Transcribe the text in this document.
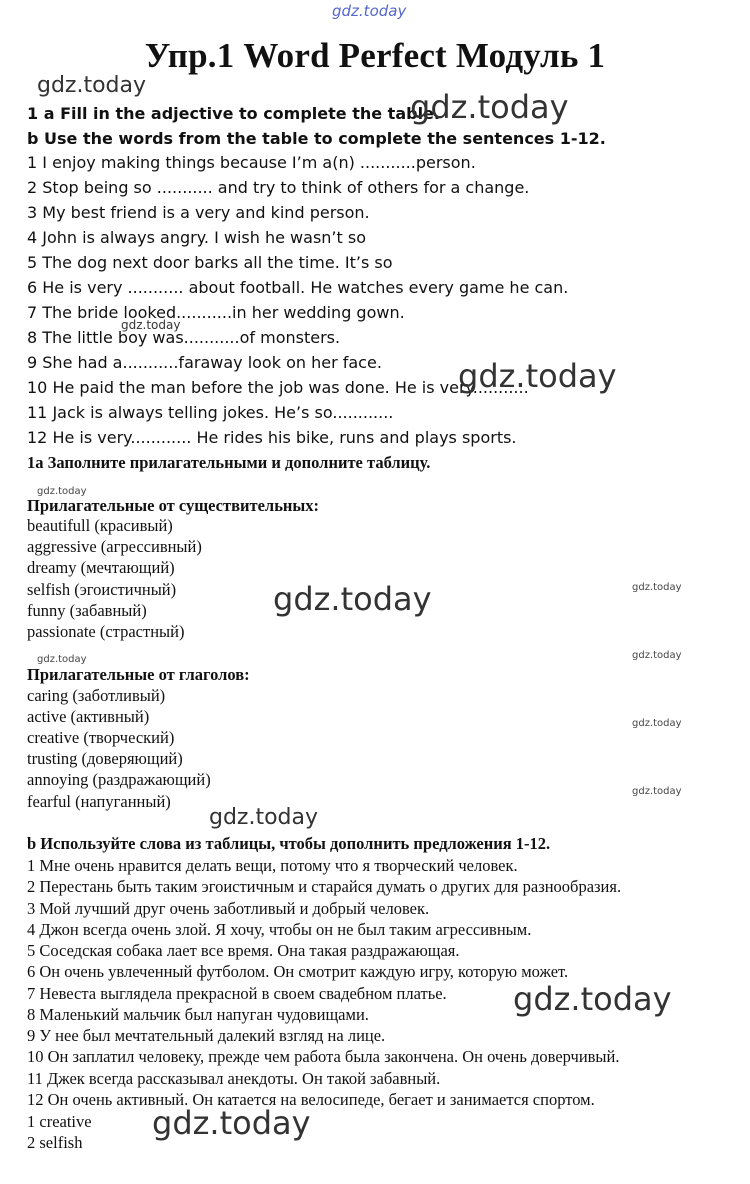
Упр.1 Word Perfect Модуль 1
1 a Fill in the adjective to complete the table.
b Use the words from the table to complete the sentences 1-12.
1 I enjoy making things because I’m a(n) ...........person.
2 Stop being so ........... and try to think of others for a change.
3 My best friend is a very and kind person.
4 John is always angry. I wish he wasn’t so
5 The dog next door barks all the time. It’s so
6 He is very ........... about football. He watches every game he can.
7 The bride looked...........in her wedding gown.
8 The little boy was...........of monsters.
9 She had a...........faraway look on her face.
10 He paid the man before the job was done. He is very...........
11 Jack is always telling jokes. He’s so............
12 He is very............ He rides his bike, runs and plays sports.
1a Заполните прилагательными и дополните таблицу.
Прилагательные от существительных:
beautifull (красивый)
aggressive (агрессивный)
dreamy (мечтающий)
selfish (эгоистичный)
funny (забавный)
passionate (страстный)
Прилагательные от глаголов:
caring (заботливый)
active (активный)
creative (творческий)
trusting (доверяющий)
annoying (раздражающий)
fearful (напуганный)
b Используйте слова из таблицы, чтобы дополнить предложения 1-12.
1 Мне очень нравится делать вещи, потому что я творческий человек.
2 Перестань быть таким эгоистичным и старайся думать о других для разнообразия.
3 Мой лучший друг очень заботливый и добрый человек.
4 Джон всегда очень злой. Я хочу, чтобы он не был таким агрессивным.
5 Соседская собака лает все время. Она такая раздражающая.
6 Он очень увлеченный футболом. Он смотрит каждую игру, которую может.
7 Невеста выглядела прекрасной в своем свадебном платье.
8 Маленький мальчик был напуган чудовищами.
9 У нее был мечтательный далекий взгляд на лице.
10 Он заплатил человеку, прежде чем работа была закончена. Он очень доверчивый.
11 Джек всегда рассказывал анекдоты. Он такой забавный.
12 Он очень активный. Он катается на велосипеде, бегает и занимается спортом.
1 creative
2 selfish
gdz.today
gdz.today
gdz.today
gdz.today
gdz.today
gdz.today
gdz.today
gdz.today
gdz.today	gdz.today
gdz.today
gdz.today
gdz.today
gdz.today
gdz.today
